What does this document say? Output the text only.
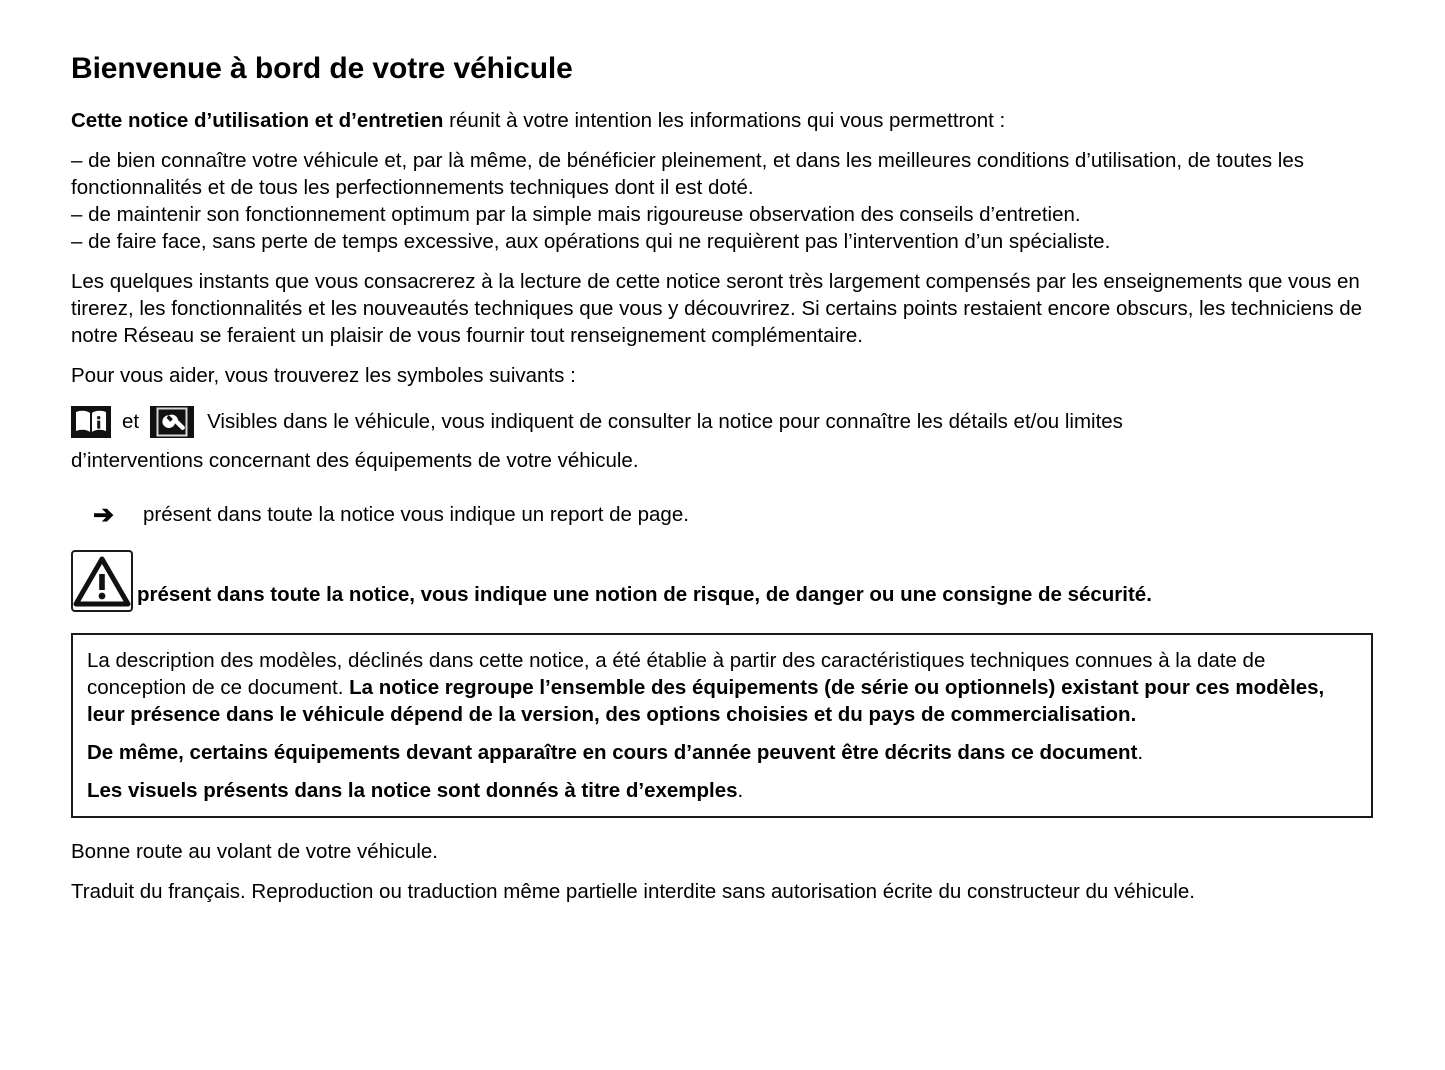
Bienvenue à bord de votre véhicule

Cette notice d’utilisation et d’entretien réunit à votre intention les informations qui vous permettront :

– de bien connaître votre véhicule et, par là même, de bénéficier pleinement, et dans les meilleures conditions d’utilisation, de toutes les fonctionnalités et de tous les perfectionnements techniques dont il est doté.

– de maintenir son fonctionnement optimum par la simple mais rigoureuse observation des conseils d’entretien.

– de faire face, sans perte de temps excessive, aux opérations qui ne requièrent pas l’intervention d’un spécialiste.

Les quelques instants que vous consacrerez à la lecture de cette notice seront très largement compensés par les enseignements que vous en tirerez, les fonctionnalités et les nouveautés techniques que vous y découvrirez. Si certains points restaient encore obscurs, les techniciens de notre Réseau se feraient un plaisir de vous fournir tout renseignement complémentaire.

Pour vous aider, vous trouverez les symboles suivants :

et	Visibles dans le véhicule, vous indiquent de consulter la notice pour connaître les détails et/ou limites

d’interventions concernant des équipements de votre véhicule.

➔	présent dans toute la notice vous indique un report de page.
présent dans toute la notice, vous indique une notion de risque, de danger ou une consigne de sécurité.

La description des modèles, déclinés dans cette notice, a été établie à partir des caractéristiques techniques connues à la date de conception de ce document. La notice regroupe l’ensemble des équipements (de série ou optionnels) existant pour ces modèles, leur présence dans le véhicule dépend de la version, des options choisies et du pays de commercialisation.

De même, certains équipements devant apparaître en cours d’année peuvent être décrits dans ce document.

Les visuels présents dans la notice sont donnés à titre d’exemples.

Bonne route au volant de votre véhicule.

Traduit du français. Reproduction ou traduction même partielle interdite sans autorisation écrite du constructeur du véhicule.
